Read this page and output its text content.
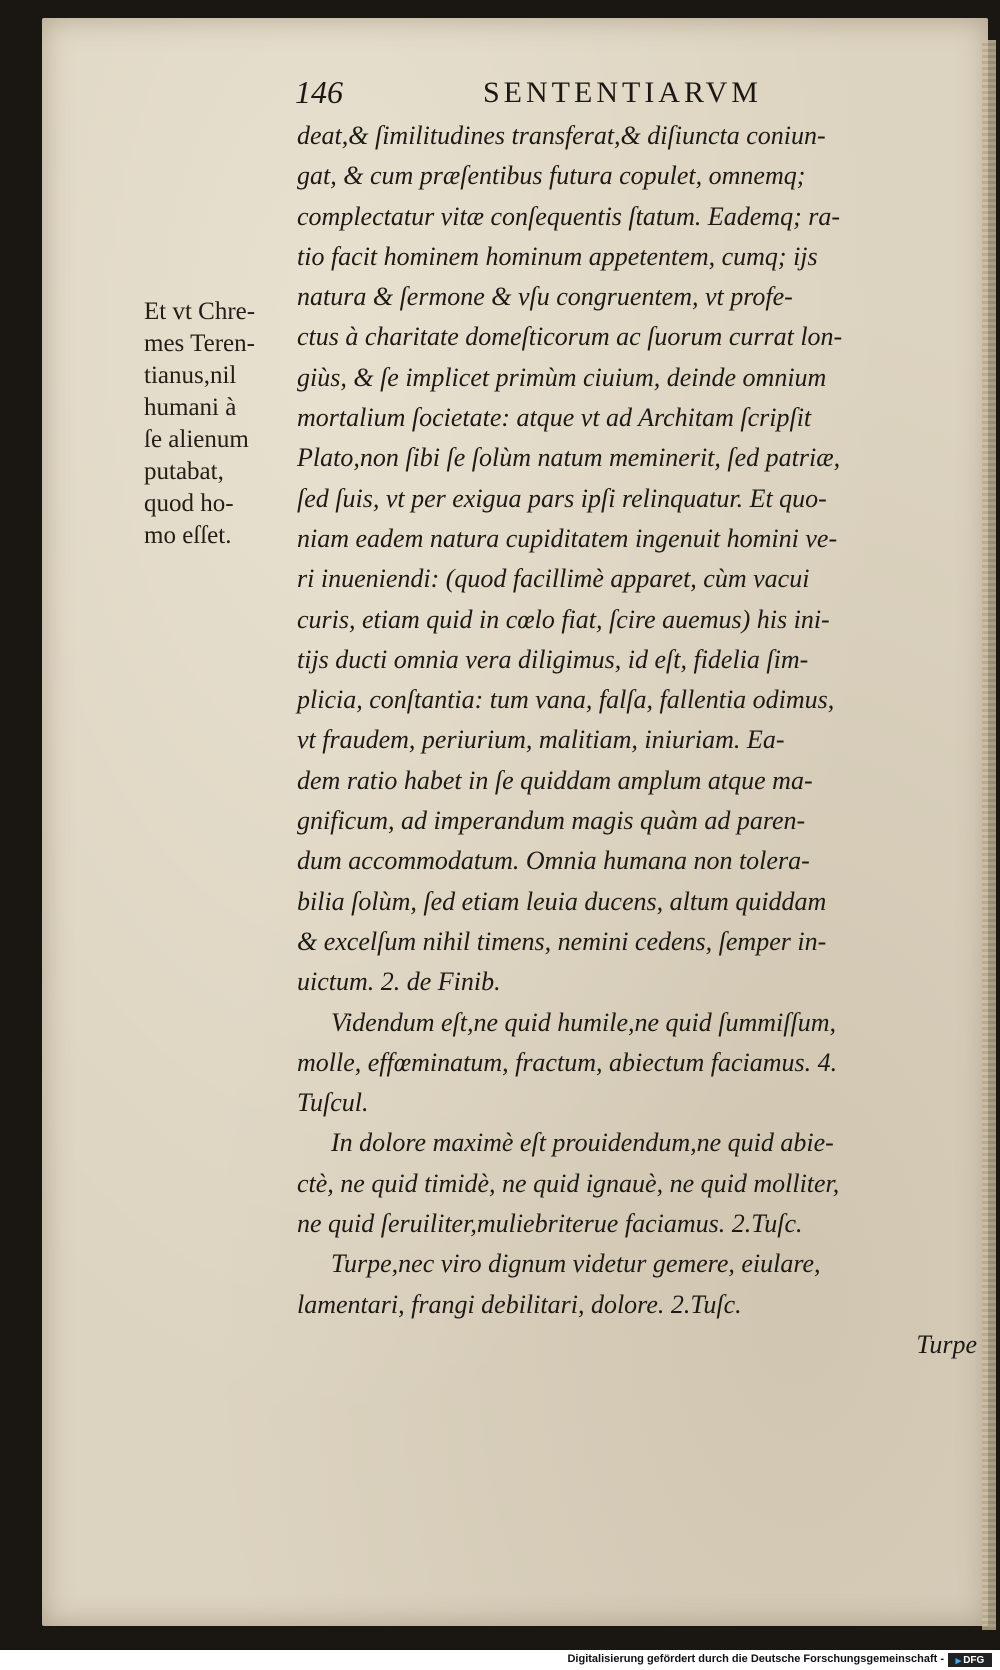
146	SENTENTIARVM
Et vt Chre-
mes Teren-
tianus,nil
humani à
ſe alienum
putabat,
quod ho-
mo eſſet.
deat,& ſimilitudines transferat,& diſiuncta coniun-
gat, & cum præſentibus futura copulet, omnemq;
complectatur vitæ conſequentis ſtatum. Eademq; ra-
tio facit hominem hominum appetentem, cumq; ijs
natura & ſermone & vſu congruentem, vt profe-
ctus à charitate domeſticorum ac ſuorum currat lon-
giùs, & ſe implicet primùm ciuium, deinde omnium
mortalium ſocietate: atque vt ad Architam ſcripſit
Plato,non ſibi ſe ſolùm natum meminerit, ſed patriæ,
ſed ſuis, vt per exigua pars ipſi relinquatur. Et quo-
niam eadem natura cupiditatem ingenuit homini ve-
ri inueniendi: (quod facillimè apparet, cùm vacui
curis, etiam quid in cœlo fiat, ſcire auemus) his ini-
tijs ducti omnia vera diligimus, id eſt, fidelia ſim-
plicia, conſtantia: tum vana, falſa, fallentia odimus,
vt fraudem, periurium, malitiam, iniuriam. Ea-
dem ratio habet in ſe quiddam amplum atque ma-
gnificum, ad imperandum magis quàm ad paren-
dum accommodatum. Omnia humana non tolera-
bilia ſolùm, ſed etiam leuia ducens, altum quiddam
& excelſum nihil timens, nemini cedens, ſemper in-
uictum. 2. de Finib.
Videndum eſt,ne quid humile,ne quid ſummiſſum,
molle, effœminatum, fractum, abiectum faciamus. 4.
Tuſcul.
In dolore maximè eſt prouidendum,ne quid abie-
ctè, ne quid timidè, ne quid ignauè, ne quid molliter,
ne quid ſeruiliter,muliebriterue faciamus. 2.Tuſc.
Turpe,nec viro dignum videtur gemere, eiulare,
lamentari, frangi debilitari, dolore. 2.Tuſc.
Turpe
Digitalisierung gefördert durch die Deutsche Forschungsgemeinschaft - ▸ DFG
